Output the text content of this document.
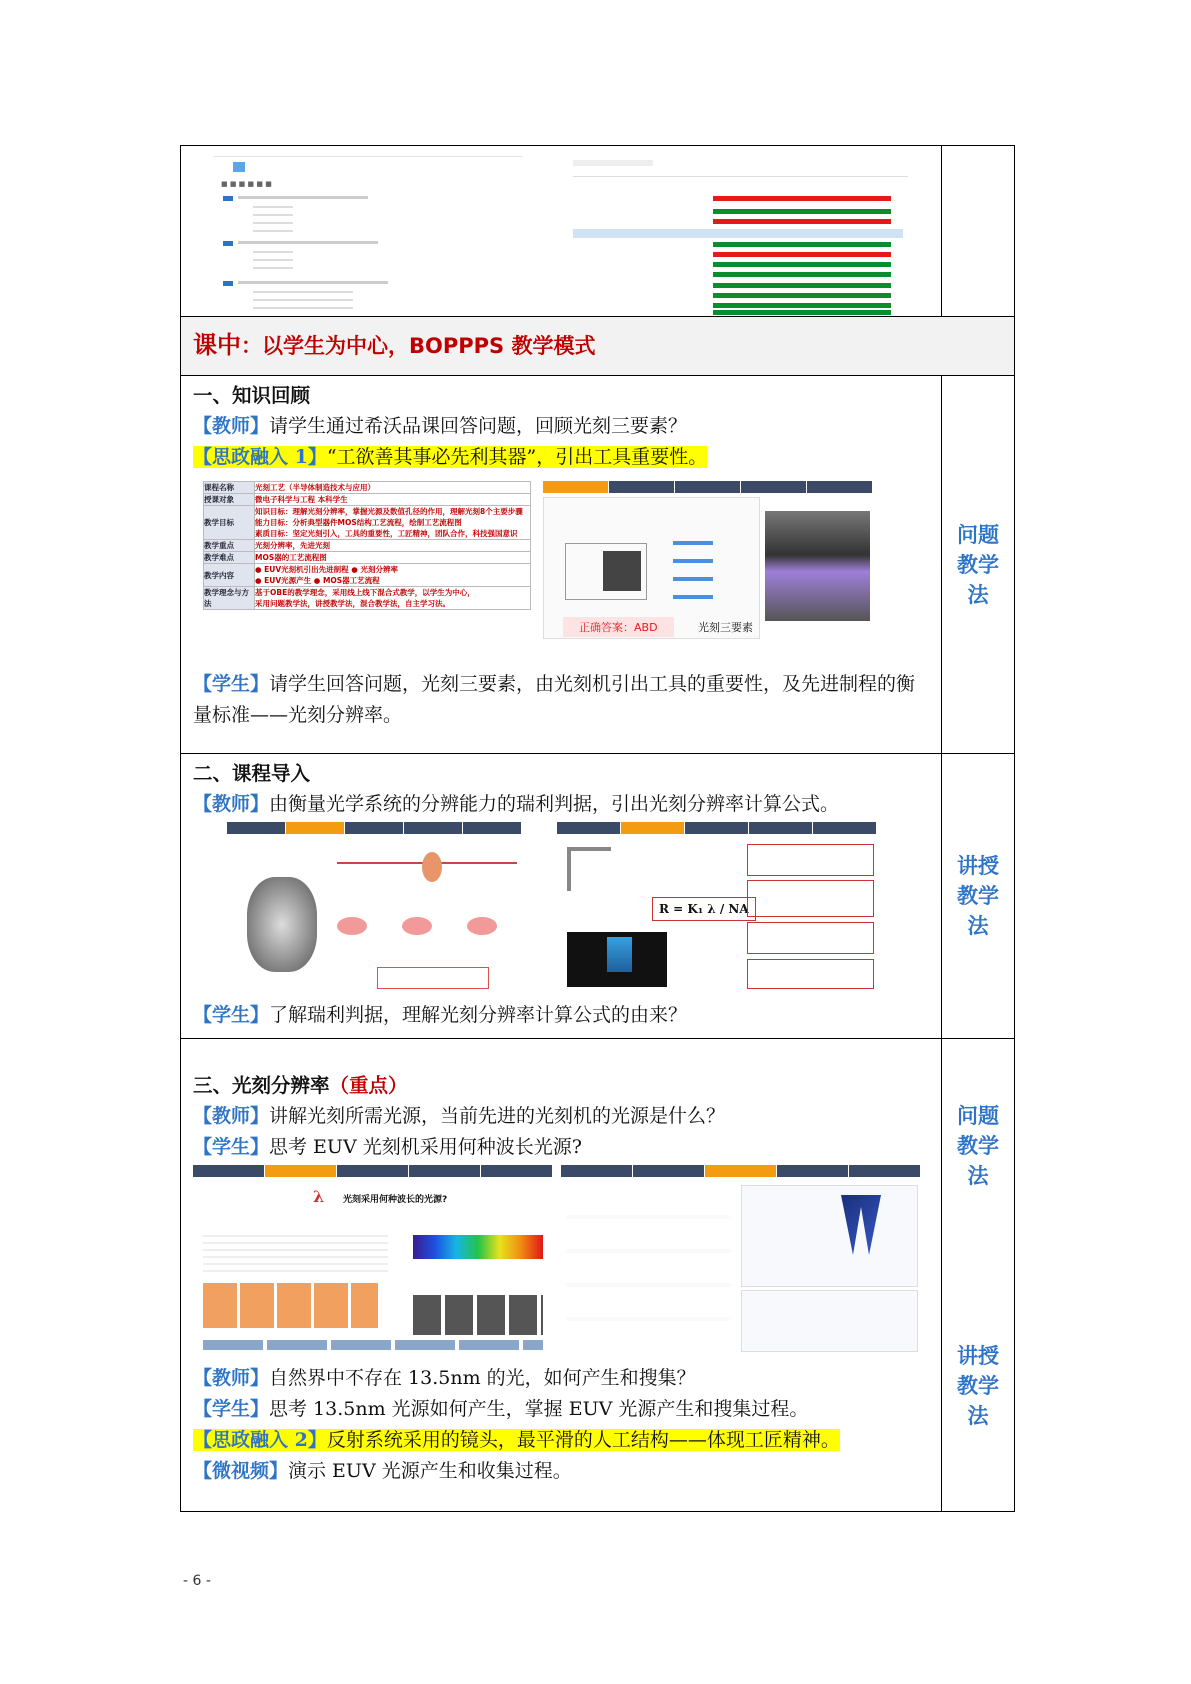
■ ■ ■ ■ ■ ■

课中：以学生为中心，BOPPPS 教学模式

一、知识回顾
【教师】请学生通过希沃品课回答问题，回顾光刻三要素？
【思政融入 1】“工欲善其事必先利其器”，引出工具重要性。
课程名称	光刻工艺（半导体制造技术与应用）
授课对象	微电子科学与工程 本科学生
教学目标	知识目标：理解光刻分辨率，掌握光源及数值孔径的作用，理解光刻8个主要步骤
能力目标：分析典型器件MOS结构工艺流程，绘制工艺流程图
素质目标：坚定光刻引入，工具的重要性，工匠精神，团队合作，科技强国意识
教学重点	光刻分辨率，先进光刻
教学难点	MOS器的工艺流程图
教学内容	● EUV光刻机引出先进制程 ● 光刻分辨率
● EUV光源产生 ● MOS器工艺流程
教学理念与方法	基于OBE的教学理念，采用线上线下混合式教学，以学生为中心，
采用问题教学法，讲授教学法，混合教学法，自主学习法。
正确答案：ABD	光刻三要素
【学生】请学生回答问题，光刻三要素，由光刻机引出工具的重要性，及先进制程的衡量标准——光刻分辨率。

问题
教学
法

二、课程导入
【教师】由衡量光学系统的分辨能力的瑞利判据，引出光刻分辨率计算公式。
R = K₁ λ / NA
【学生】了解瑞利判据，理解光刻分辨率计算公式的由来？

讲授
教学
法

三、光刻分辨率（重点）
【教师】讲解光刻所需光源，当前先进的光刻机的光源是什么？
【学生】思考 EUV 光刻机采用何种波长光源?
λ 光刻采用何种波长的光源?
【教师】自然界中不存在 13.5nm 的光，如何产生和搜集？
【学生】思考 13.5nm 光源如何产生，掌握 EUV 光源产生和搜集过程。
【思政融入 2】反射系统采用的镜头，最平滑的人工结构——体现工匠精神。
【微视频】演示 EUV 光源产生和收集过程。

问题
教学
法
讲授
教学
法
- 6 -
